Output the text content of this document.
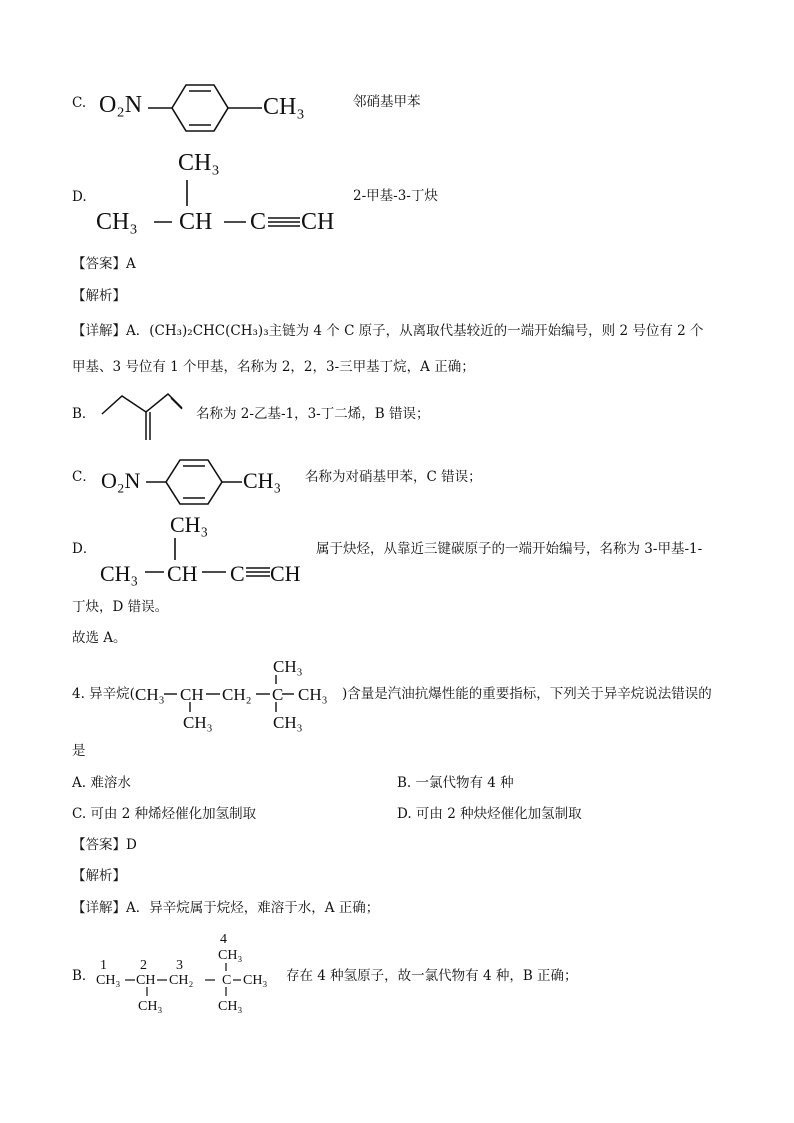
C. O₂N	CH₃	邻硝基甲苯
D.
CH₃
CH₃ CH C CH
2-甲基-3-丁炔
【答案】A
【解析】
【详解】A．(CH₃)₂CHC(CH₃)₃主链为 4 个 C 原子，从离取代基较近的一端开始编号，则 2 号位有 2 个
甲基、3 号位有 1 个甲基，名称为 2，2，3-三甲基丁烷，A 正确；
B．	名称为 2-乙基-1，3-丁二烯，B 错误；
C． O₂N	CH₃ 名称为对硝基甲苯，C 错误；
D．
CH₃
CH₃ CH C CH
属于炔烃，从靠近三键碳原子的一端开始编号，名称为 3-甲基-1-
丁炔，D 错误。
故选 A。
4. 异辛烷(
CH₃
CH₃ CH CH₂ C CH₃
CH₃	CH₃
)含量是汽油抗爆性能的重要指标，下列关于异辛烷说法错误的
是
A. 难溶水	B. 一氯代物有 4 种
C. 可由 2 种烯烃催化加氢制取	D. 可由 2 种炔烃催化加氢制取
【答案】D
【解析】
【详解】A．异辛烷属于烷烃，难溶于水，A 正确；
B．
1 2 3
4
CH₃
CH₃ CH CH₂ C CH₃
CH₃	CH₃
存在 4 种氢原子，故一氯代物有 4 种，B 正确；
